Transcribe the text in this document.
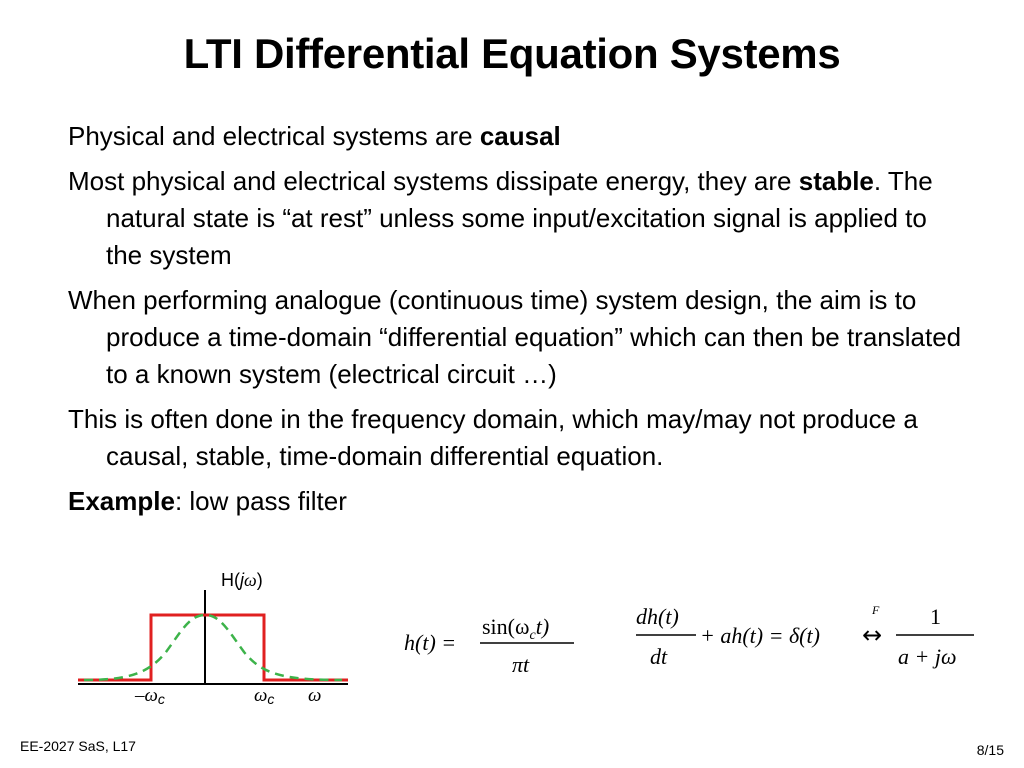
LTI Differential Equation Systems
Physical and electrical systems are causal
Most physical and electrical systems dissipate energy, they are stable. The natural state is “at rest” unless some input/excitation signal is applied to the system
When performing analogue (continuous time) system design, the aim is to produce a time-domain “differential equation” which can then be translated to a known system (electrical circuit …)
This is often done in the frequency domain, which may/may not produce a causal, stable, time-domain differential equation.
Example: low pass filter
H(jω)
–ωc	ωc ω
h(t) =
$\sin(\omega_ct)$
πt
dh(t)
dt
+ ah(t) = δ(t)
F
↔
1
a + jω
EE-2027 SaS, L17	8/15
